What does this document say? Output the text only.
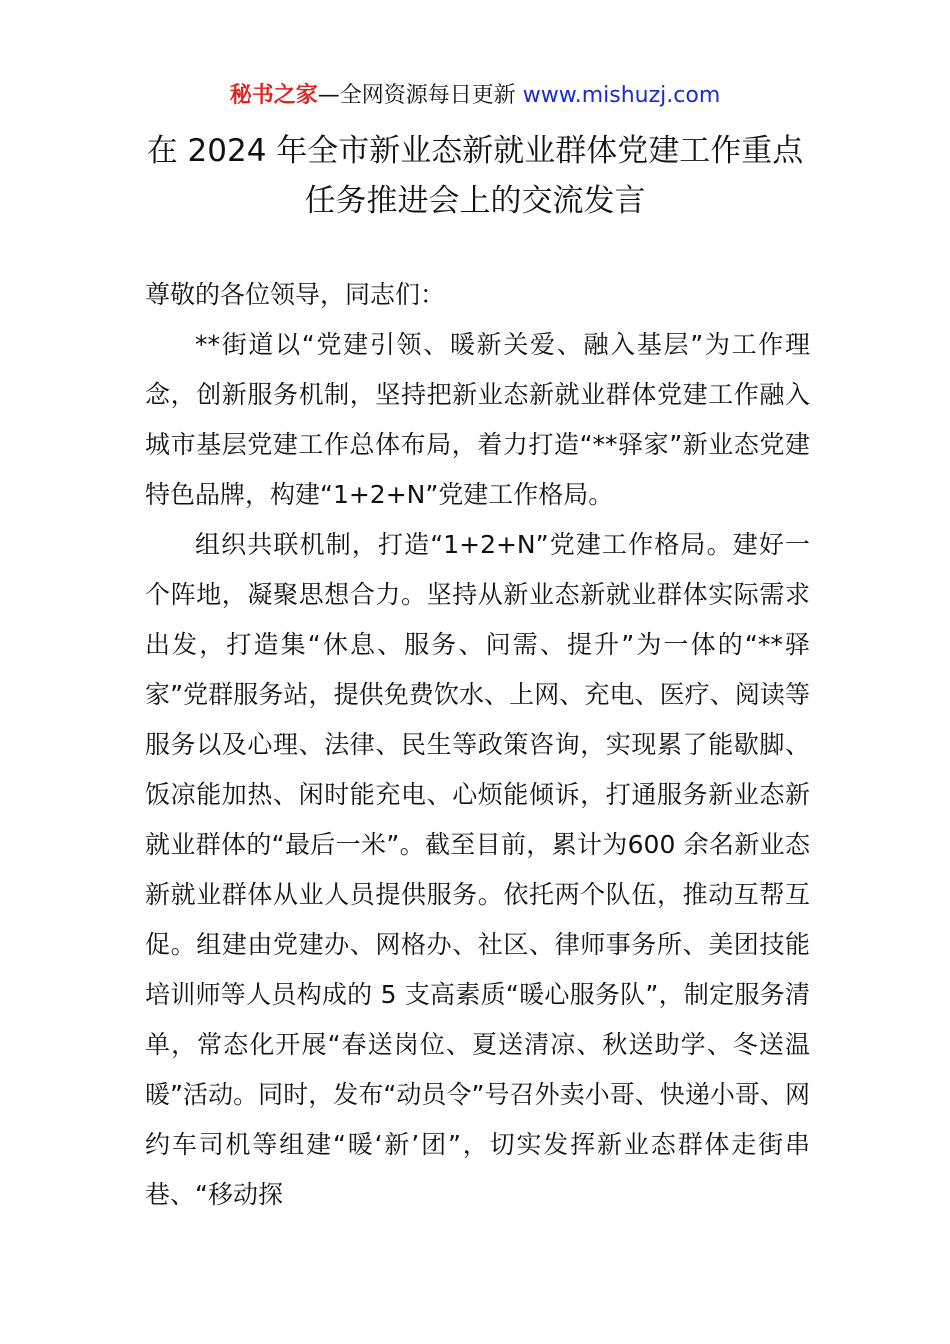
秘书之家—全网资源每日更新 www.mishuzj.com
在 2024 年全市新业态新就业群体党建工作重点
任务推进会上的交流发言

尊敬的各位领导，同志们：

**街道以“党建引领、暖新关爱、融入基层”为工作理念，创新服务机制，坚持把新业态新就业群体党建工作融入城市基层党建工作总体布局，着力打造“**驿家”新业态党建特色品牌，构建“1+2+N”党建工作格局。

组织共联机制，打造“1+2+N”党建工作格局。建好一个阵地，凝聚思想合力。坚持从新业态新就业群体实际需求出发，打造集“休息、服务、问需、提升”为一体的“**驿家”党群服务站，提供免费饮水、上网、充电、医疗、阅读等服务以及心理、法律、民生等政策咨询，实现累了能歇脚、饭凉能加热、闲时能充电、心烦能倾诉，打通服务新业态新就业群体的“最后一米”。截至目前，累计为600 余名新业态新就业群体从业人员提供服务。依托两个队伍，推动互帮互促。组建由党建办、网格办、社区、律师事务所、美团技能培训师等人员构成的 5 支高素质“暖心服务队”，制定服务清单，常态化开展“春送岗位、夏送清凉、秋送助学、冬送温暖”活动。同时，发布“动员令”号召外卖小哥、快递小哥、网约车司机等组建“暖‘新’团”，切实发挥新业态群体走街串巷、“移动探
